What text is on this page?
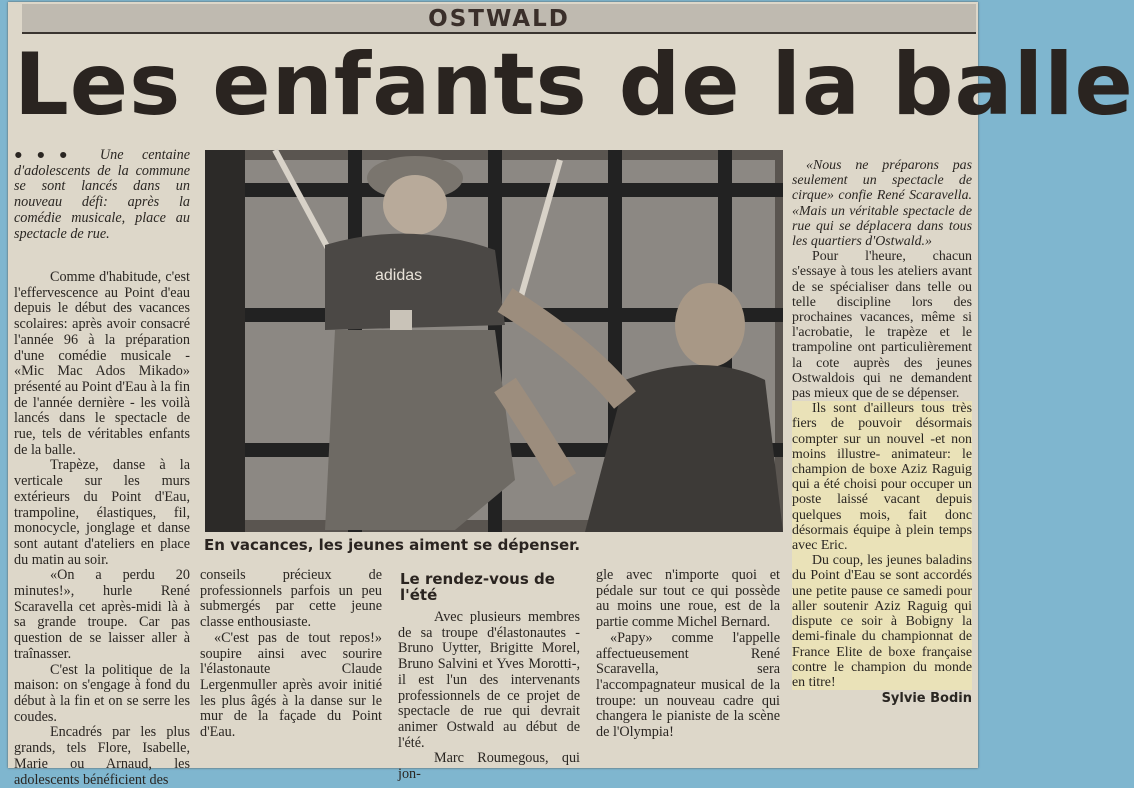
OSTWALD
Les enfants de la balle

●●● Une centaine d'adolescents de la commune se sont lancés dans un nouveau défi: après la comédie musicale, place au spectacle de rue.

Comme d'habitude, c'est l'effervescence au Point d'eau depuis le début des vacances scolaires: après avoir consacré l'année 96 à la préparation d'une comédie musicale - «Mic Mac Ados Mikado» présenté au Point d'Eau à la fin de l'année dernière - les voilà lancés dans le spectacle de rue, tels de véritables enfants de la balle.

Trapèze, danse à la verticale sur les murs extérieurs du Point d'Eau, trampoline, élastiques, fil, monocycle, jonglage et danse sont autant d'ateliers en place du matin au soir.

«On a perdu 20 minutes!», hurle René Scaravella cet après-midi là à sa grande troupe. Car pas question de se laisser aller à traînasser.

C'est la politique de la maison: on s'engage à fond du début à la fin et on se serre les coudes.

Encadrés par les plus grands, tels Flore, Isabelle, Marie ou Arnaud, les adolescents bénéficient des

adidas
En vacances, les jeunes aiment se dépenser.

conseils précieux de professionnels parfois un peu submergés par cette jeune classe enthousiaste.

«C'est pas de tout repos!» soupire ainsi avec sourire l'élastonaute Claude Lergenmuller après avoir initié les plus âgés à la danse sur le mur de la façade du Point d'Eau.

Le rendez-vous de l'été

Avec plusieurs membres de sa troupe d'élastonautes -Bruno Uytter, Brigitte Morel, Bruno Salvini et Yves Morotti-, il est l'un des intervenants professionnels de ce projet de spectacle de rue qui devrait animer Ostwald au début de l'été.

Marc Roumegous, qui jon-

gle avec n'importe quoi et pédale sur tout ce qui possède au moins une roue, est de la partie comme Michel Bernard.

«Papy» comme l'appelle affectueusement René Scaravella, sera l'accompagnateur musical de la troupe: un nouveau cadre qui changera le pianiste de la scène de l'Olympia!

«Nous ne préparons pas seulement un spectacle de cirque» confie René Scaravella. «Mais un véritable spectacle de rue qui se déplacera dans tous les quartiers d'Ostwald.»

Pour l'heure, chacun s'essaye à tous les ateliers avant de se spécialiser dans telle ou telle discipline lors des prochaines vacances, même si l'acrobatie, le trapèze et le trampoline ont particulièrement la cote auprès des jeunes Ostwaldois qui ne demandent pas mieux que de se dépenser.

Ils sont d'ailleurs tous très fiers de pouvoir désormais compter sur un nouvel -et non moins illustre- animateur: le champion de boxe Aziz Raguig qui a été choisi pour occuper un poste laissé vacant depuis quelques mois, fait donc désormais équipe à plein temps avec Eric.

Du coup, les jeunes baladins du Point d'Eau se sont accordés une petite pause ce samedi pour aller soutenir Aziz Raguig qui dispute ce soir à Bobigny la demi-finale du championnat de France Elite de boxe française contre le champion du monde en titre!

Sylvie Bodin
